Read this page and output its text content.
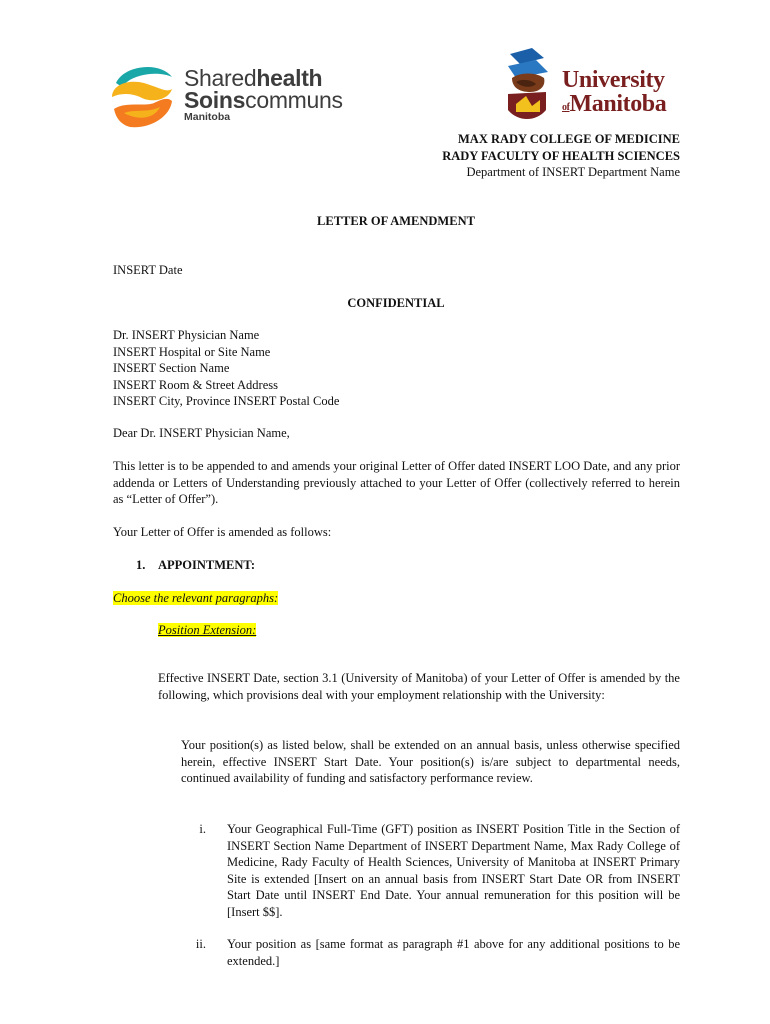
Sharedhealth
Soinscommuns
Manitoba
University
ofManitoba
MAX RADY COLLEGE OF MEDICINE
RADY FACULTY OF HEALTH SCIENCES
Department of INSERT Department Name
LETTER OF AMENDMENT
INSERT Date
CONFIDENTIAL
Dr. INSERT Physician Name
INSERT Hospital or Site Name
INSERT Section Name
INSERT Room & Street Address
INSERT City, Province INSERT Postal Code
Dear Dr. INSERT Physician Name,
This letter is to be appended to and amends your original Letter of Offer dated INSERT LOO Date, and any prior addenda or Letters of Understanding previously attached to your Letter of Offer (collectively referred to herein as “Letter of Offer”).
Your Letter of Offer is amended as follows:
1. APPOINTMENT:
Choose the relevant paragraphs:
Position Extension:
Effective INSERT Date, section 3.1 (University of Manitoba) of your Letter of Offer is amended by the following, which provisions deal with your employment relationship with the University:
Your position(s) as listed below, shall be extended on an annual basis, unless otherwise specified herein, effective INSERT Start Date. Your position(s) is/are subject to departmental needs, continued availability of funding and satisfactory performance review.
i. Your Geographical Full-Time (GFT) position as INSERT Position Title in the Section of INSERT Section Name Department of INSERT Department Name, Max Rady College of Medicine, Rady Faculty of Health Sciences, University of Manitoba at INSERT Primary Site is extended [Insert on an annual basis from INSERT Start Date OR from INSERT Start Date until INSERT End Date. Your annual remuneration for this position will be [Insert $$].
ii. Your position as [same format as paragraph #1 above for any additional positions to be extended.]
